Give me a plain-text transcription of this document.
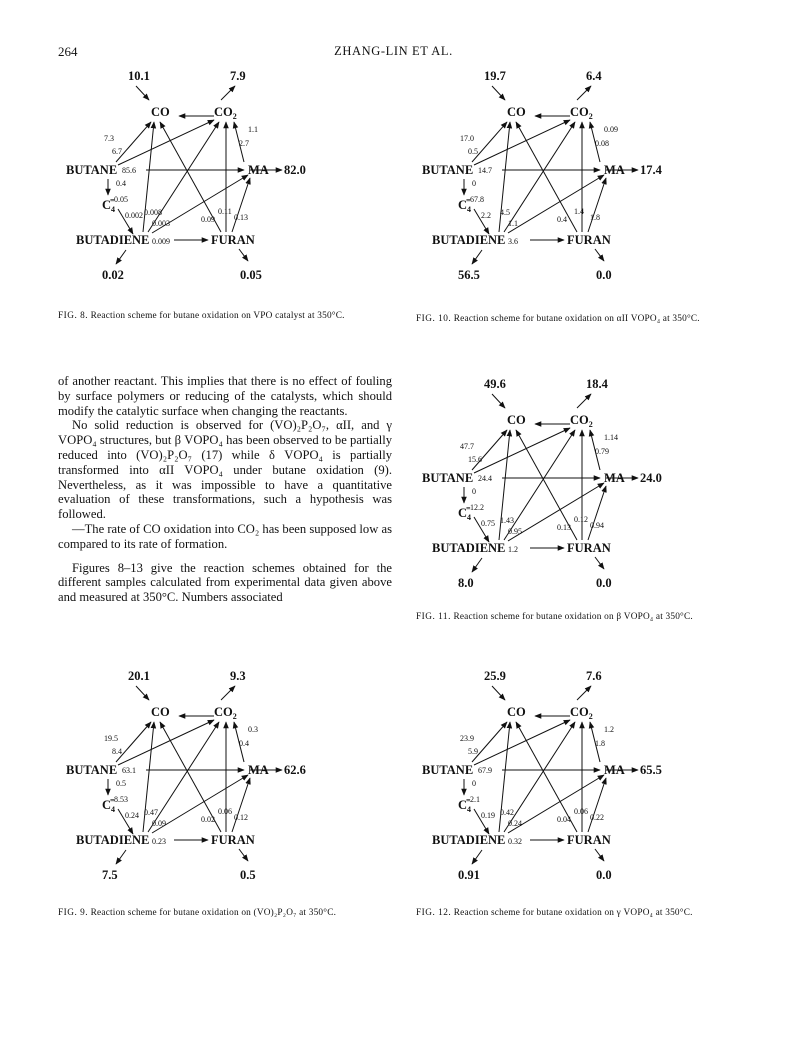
264	ZHANG-LIN ET AL.
CO	$CO_2$
BUTANE	MA
$C_4=$
BUTADIENE	FURAN
10.1	7.9
82.0
0.02	0.05
7.3
6.7
85.6
0.4
1.1
2.7
0.05
0.002 0.008
0.003	0.09
0.11
0.13
0.009
FIG. 8. Reaction scheme for butane oxidation on VPO catalyst at 350°C.
CO	$CO_2$
BUTANE	MA
$C_4=$
BUTADIENE	FURAN
19.7	6.4
17.4
56.5	0.0
17.0
0.5
14.7
0
0.09
0.08
67.8
2.2 4.5
1.1	0.4
1.4
1.8
3.6
FIG. 10. Reaction scheme for butane oxidation on αII VOPO₄ at 350°C.

of another reactant. This implies that there is no effect of fouling by surface polymers or reducing of the catalysts, which should modify the catalytic surface when changing the reactants.

No solid reduction is observed for (VO)₂P₂O₇, αII, and γ VOPO₄ structures, but β VOPO₄ has been observed to be partially reduced into (VO)₂P₂O₇ (17) while δ VOPO₄ is partially transformed into αII VOPO₄ under butane oxidation (9). Nevertheless, as it was impossible to have a quantitative evaluation of these transformations, such a hypothesis was followed.

—The rate of CO oxidation into CO₂ has been supposed low as compared to its rate of formation.

Figures 8–13 give the reaction schemes obtained for the different samples calculated from experimental data given above and measured at 350°C. Numbers associated

CO	$CO_2$
BUTANE	MA
$C_4=$
BUTADIENE	FURAN
49.6	18.4
24.0
8.0	0.0
47.7
15.6
24.4
0
1.14
0.79
12.2
0.75 1.43
0.95	0.13
0.12
0.94
1.2
FIG. 11. Reaction scheme for butane oxidation on β VOPO₄ at 350°C.
CO	$CO_2$
BUTANE	MA
$C_4=$
BUTADIENE	FURAN
20.1	9.3
62.6
7.5	0.5
19.5
8.4
63.1
0.5
0.3
0.4
8.53
0.24 0.47
0.09	0.02
0.06
0.12
0.23
FIG. 9. Reaction scheme for butane oxidation on (VO)₂P₂O₇ at 350°C.
CO	$CO_2$
BUTANE	MA
$C_4=$
BUTADIENE	FURAN
25.9	7.6
65.5
0.91	0.0
23.9
5.9
67.9
0
1.2
1.8
2.1
0.19 0.42
0.24	0.04
0.06
0.22
0.32
FIG. 12. Reaction scheme for butane oxidation on γ VOPO₄ at 350°C.
